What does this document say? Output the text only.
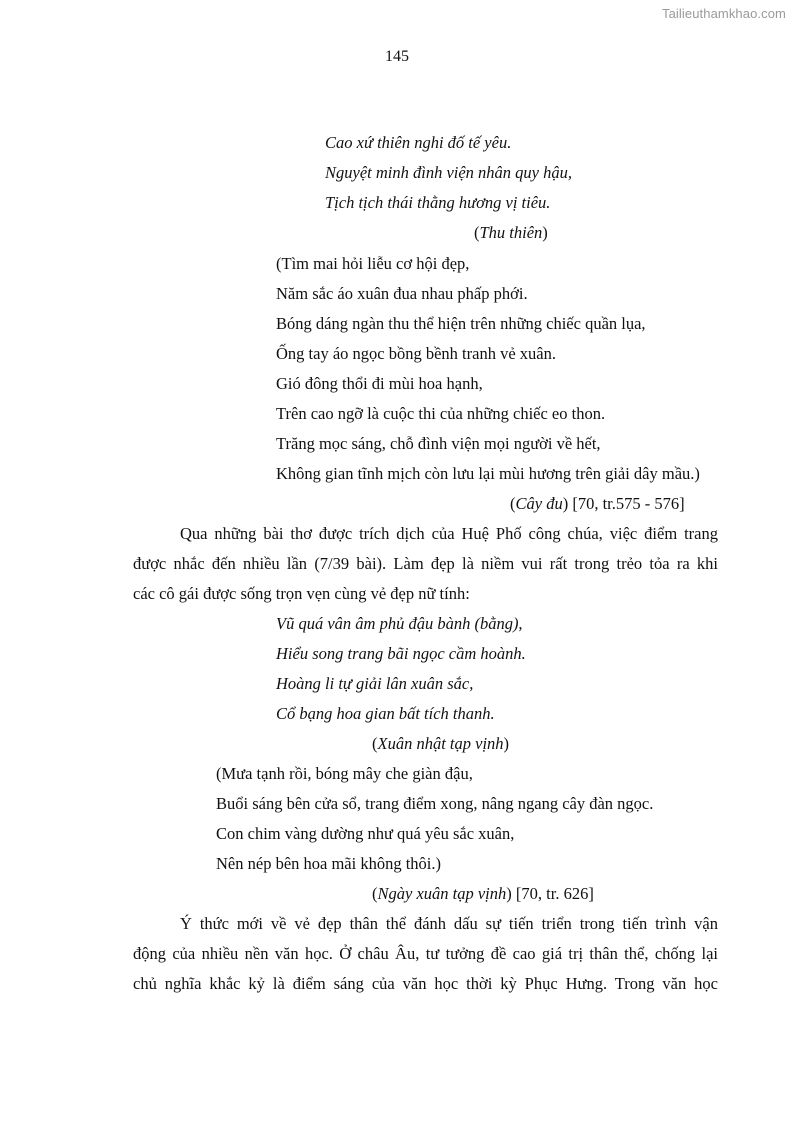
Tailieuthamkhao.com
145
Cao xứ thiên nghi đố tế yêu.
Nguyệt minh đình viện nhân quy hậu,
Tịch tịch thái thằng hương vị tiêu.
(Thu thiên)
(Tìm mai hỏi liễu cơ hội đẹp,
Năm sắc áo xuân đua nhau phấp phới.
Bóng dáng ngàn thu thể hiện trên những chiếc quần lụa,
Ống tay áo ngọc bồng bềnh tranh vẻ xuân.
Gió đông thổi đi mùi hoa hạnh,
Trên cao ngỡ là cuộc thi của những chiếc eo thon.
Trăng mọc sáng, chỗ đình viện mọi người về hết,
Không gian tĩnh mịch còn lưu lại mùi hương trên giải dây mầu.)
(Cây đu) [70, tr.575 - 576]
Qua những bài thơ được trích dịch của Huệ Phố công chúa, việc điểm trang
được nhắc đến nhiều lần (7/39 bài). Làm đẹp là niềm vui rất trong trẻo tỏa ra khi
các cô gái được sống trọn vẹn cùng vẻ đẹp nữ tính:
Vũ quá vân âm phủ đậu bành (bằng),
Hiểu song trang bãi ngọc cầm hoành.
Hoàng li tự giải lân xuân sắc,
Cổ bạng hoa gian bất tích thanh.
(Xuân nhật tạp vịnh)
(Mưa tạnh rồi, bóng mây che giàn đậu,
Buổi sáng bên cửa sổ, trang điểm xong, nâng ngang cây đàn ngọc.
Con chim vàng dường như quá yêu sắc xuân,
Nên nép bên hoa mãi không thôi.)
(Ngày xuân tạp vịnh) [70, tr. 626]
Ý thức mới về vẻ đẹp thân thể đánh dấu sự tiến triển trong tiến trình vận
động của nhiều nền văn học. Ở châu Âu, tư tưởng đề cao giá trị thân thể, chống lại
chủ nghĩa khắc kỷ là điểm sáng của văn học thời kỳ Phục Hưng. Trong văn học
